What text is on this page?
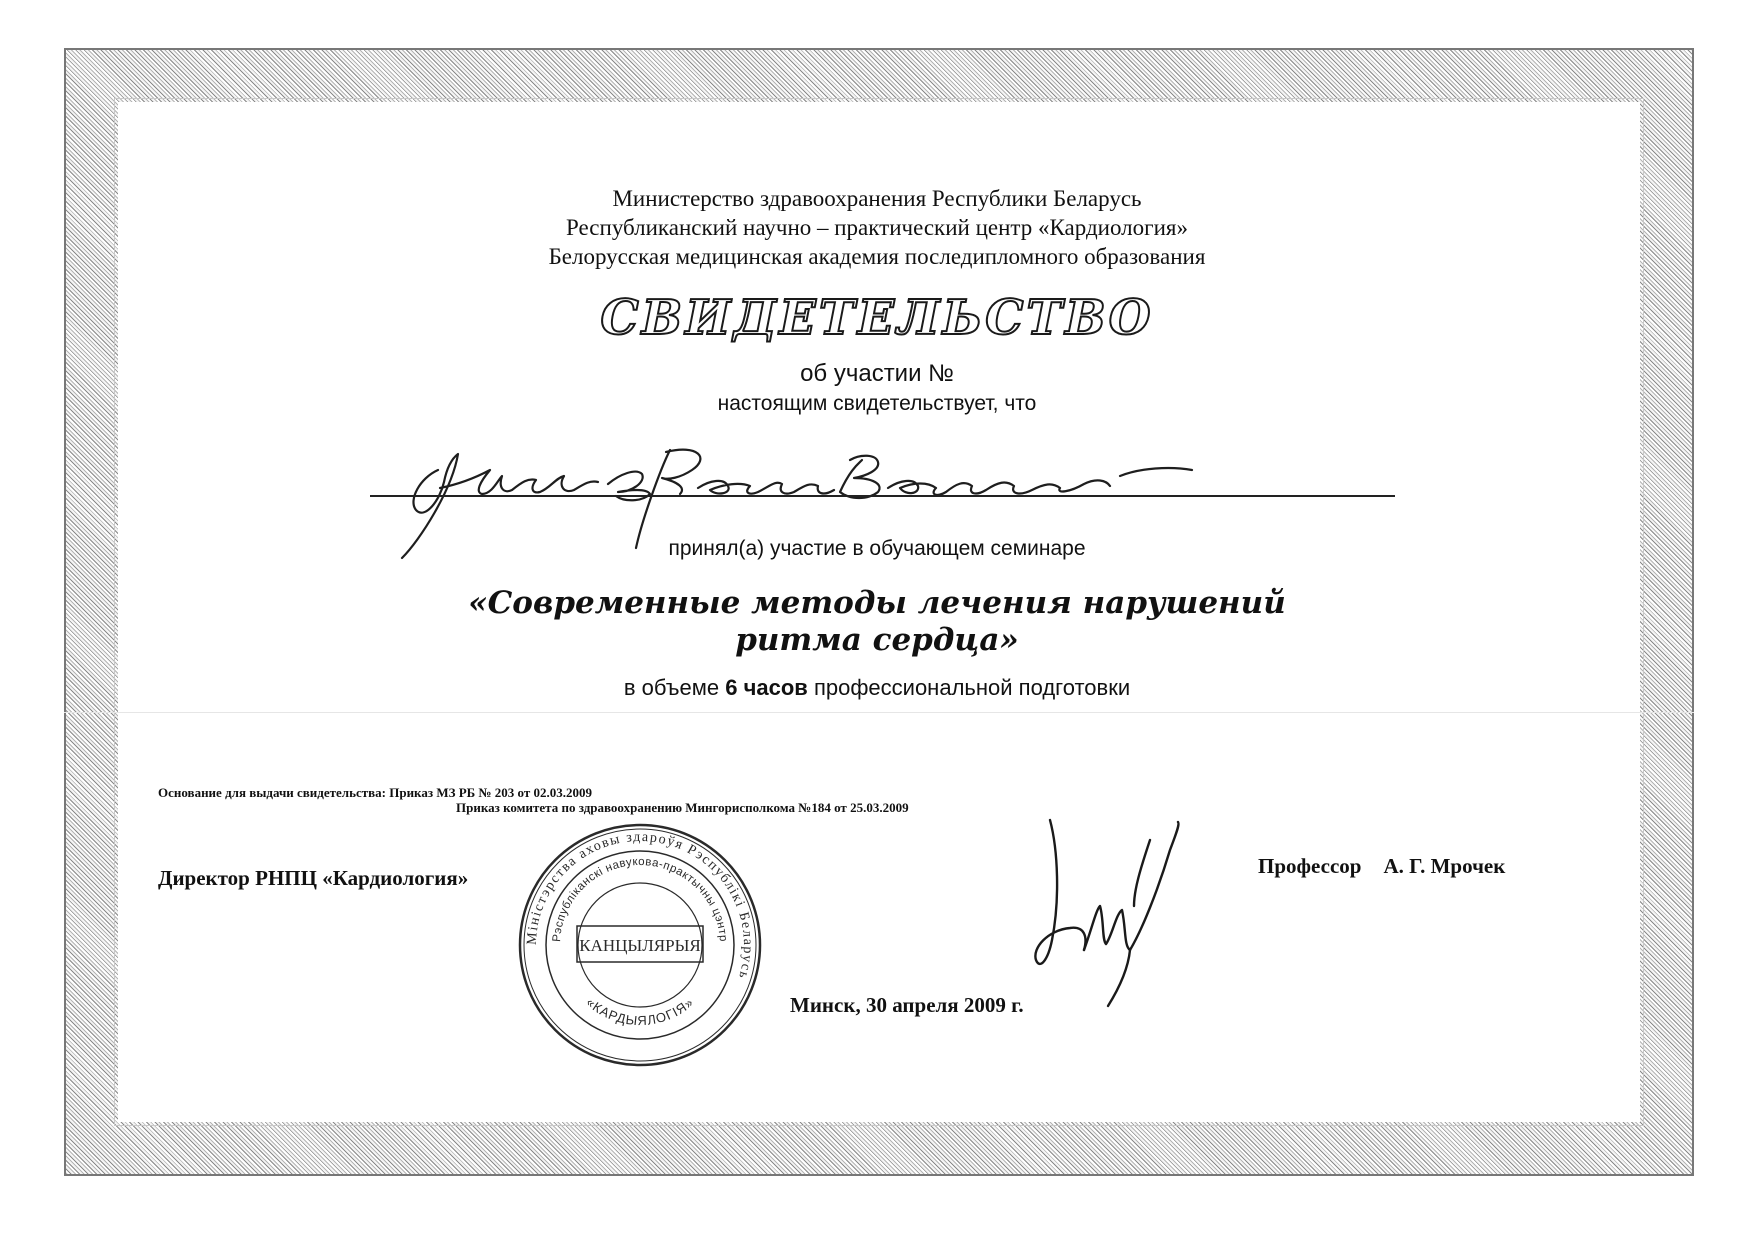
Министерство здравоохранения Республики Беларусь
Республиканский научно – практический центр «Кардиология»
Белорусская медицинская академия последипломного образования
СВИДЕТЕЛЬСТВО
об участии №
настоящим свидетельствует, что
принял(а) участие в обучающем семинаре
«Современные методы лечения нарушений
ритма сердца»
в объеме 6 часов профессиональной подготовки
Основание для выдачи свидетельства: Приказ МЗ РБ № 203 от 02.03.2009
Приказ комитета по здравоохранению Мингорисполкома №184 от 25.03.2009
Директор РНПЦ «Кардиология»	Профессор А. Г. Мрочек
Минск, 30 апреля 2009 г.
Міністэрства аховы здароўя Рэспублікі Беларусь
Рэспубліканскі навукова-практычны цэнтр
«КАРДЫЯЛОГІЯ»
КАНЦЫЛЯРЫЯ
